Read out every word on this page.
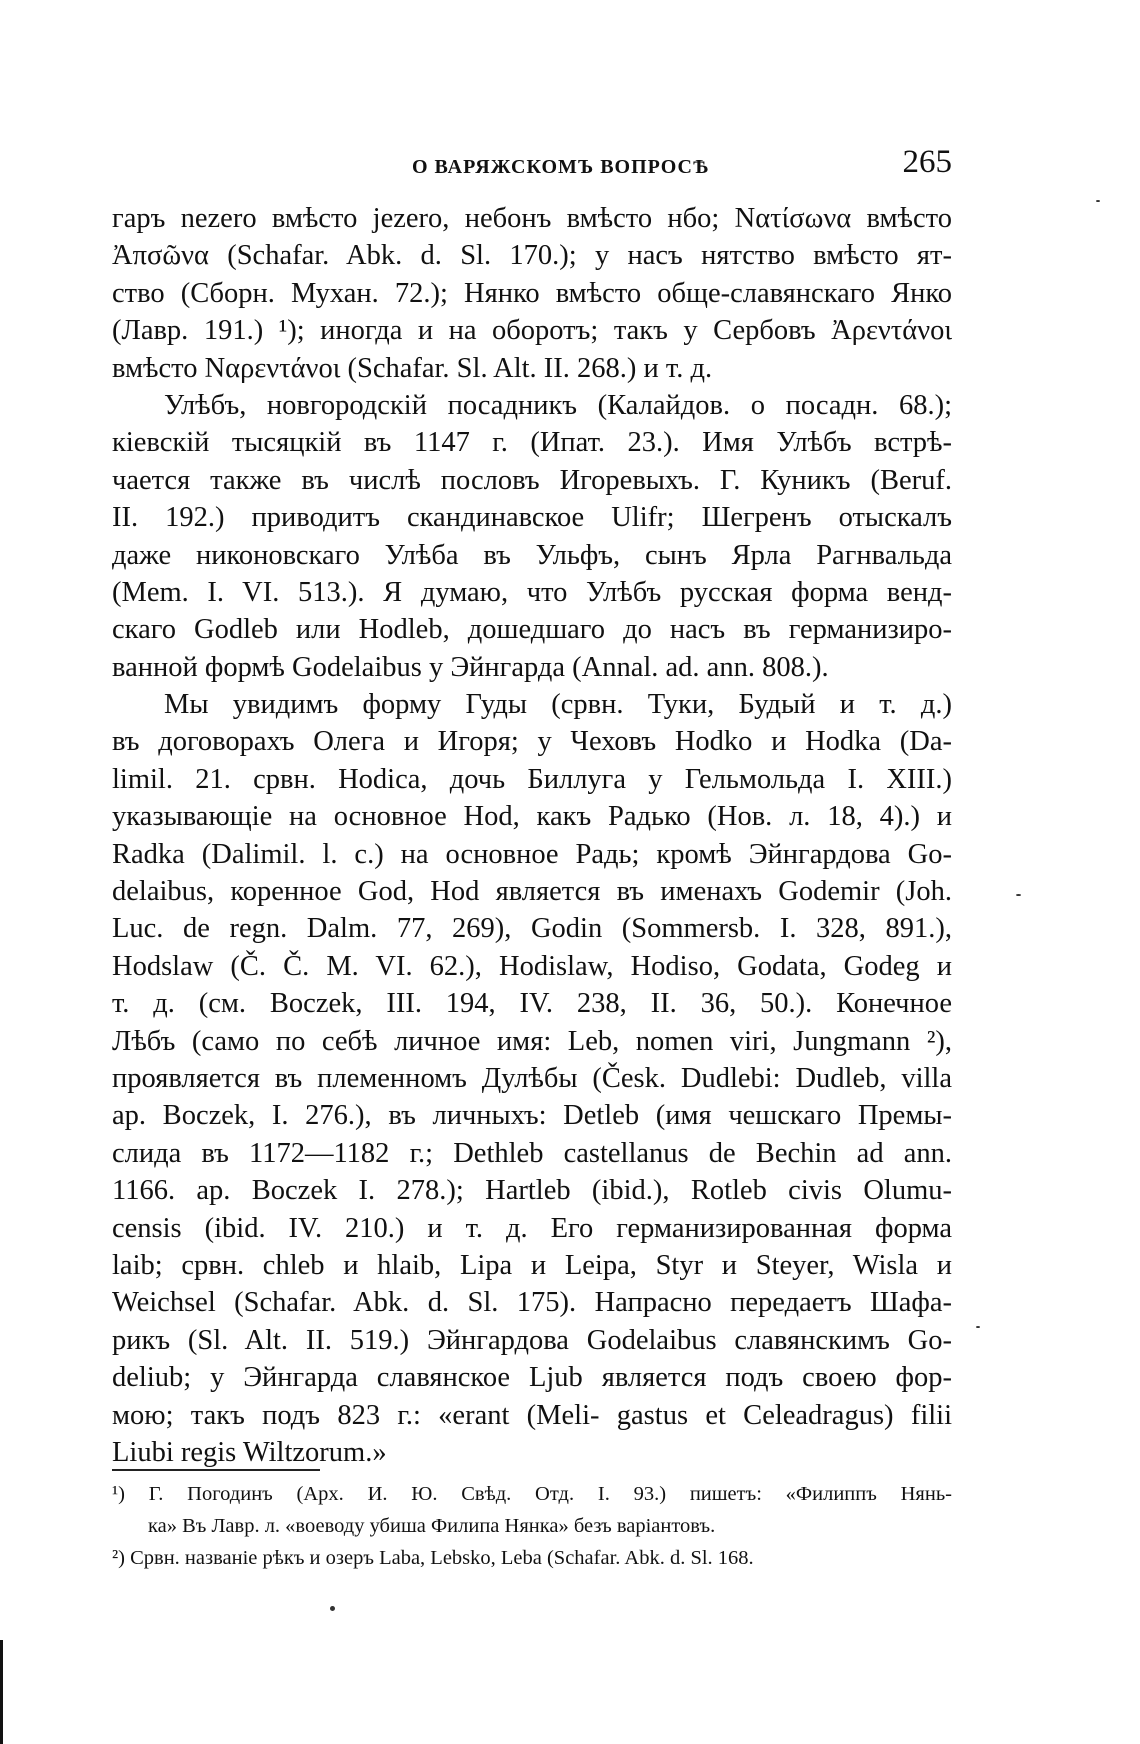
О ВАРЯЖСКОМЪ ВОПРОСѢ	265
гаръ nezero вмѣсто jezero, небонъ вмѣсто нбо; Νατίσωνα вмѣсто
Ἀπσῶνα (Schafar. Abk. d. Sl. 170.); у насъ нятство вмѣсто ят-
ство (Сборн. Мухан. 72.); Нянко вмѣсто обще-славянскаго Янко
(Лавр. 191.) ¹); иногда и на оборотъ; такъ у Сербовъ Ἀρεντάνοι
вмѣсто Ναρεντάνοι (Schafar. Sl. Alt. II. 268.) и т. д.
Улѣбъ, новгородскій посадникъ (Калайдов. о посадн. 68.);
кіевскій тысяцкій въ 1147 г. (Ипат. 23.). Имя Улѣбъ встрѣ-
чается также въ числѣ пословъ Игоревыхъ. Г. Куникъ (Beruf.
II. 192.) приводитъ скандинавское Ulifr; Шегренъ отыскалъ
даже никоновскаго Улѣба въ Ульфъ, сынъ Ярла Рагнвальда
(Mem. I. VI. 513.). Я думаю, что Улѣбъ русская форма венд-
скаго Godleb или Hodleb, дошедшаго до насъ въ германизиро-
ванной формѣ Godelaibus у Эйнгарда (Annal. ad. ann. 808.).
Мы увидимъ форму Гуды (срвн. Туки, Будый и т. д.)
въ договорахъ Олега и Игоря; у Чеховъ Hodko и Hodka (Da-
limil. 21. срвн. Hodica, дочь Биллуга у Гельмольда I. XIII.)
указывающіе на основное Hod, какъ Радько (Нов. л. 18, 4).) и
Radka (Dalimil. l. c.) на основное Радь; кромѣ Эйнгардова Go-
delaibus, коренное God, Hod является въ именахъ Godemir (Joh.
Luc. de regn. Dalm. 77, 269), Godin (Sommersb. I. 328, 891.),
Hodslaw (Č. Č. M. VI. 62.), Hodislaw, Hodiso, Godata, Godeg и
т. д. (см. Boczek, III. 194, IV. 238, II. 36, 50.). Конечное
Лѣбъ (само по себѣ личное имя: Leb, nomen viri, Jungmann ²),
проявляется въ племенномъ Дулѣбы (Česk. Dudlebi: Dudleb, villa
ap. Boczek, I. 276.), въ личныхъ: Detleb (имя чешскаго Премы-
слида въ 1172—1182 г.; Dethleb castellanus de Bechin ad ann.
1166. ap. Boczek I. 278.); Hartleb (ibid.), Rotleb civis Olumu-
censis (ibid. IV. 210.) и т. д. Его германизированная форма
laib; срвн. chleb и hlaib, Lipa и Leipa, Styr и Steyer, Wisla и
Weichsel (Schafar. Abk. d. Sl. 175). Напрасно передаетъ Шафа-
рикъ (Sl. Alt. II. 519.) Эйнгардова Godelaibus славянскимъ Go-
deliub; у Эйнгарда славянское Ljub является подъ своею фор-
мою; такъ подъ 823 г.: «erant (Meli- gastus et Celeadragus) filii
Liubi regis Wiltzorum.»
¹) Г. Погодинъ (Арх. И. Ю. Свѣд. Отд. I. 93.) пишетъ: «Филиппъ Нянь-
ка» Въ Лавр. л. «воеводу убиша Филипа Нянка» безъ варіантовъ.
²) Срвн. названіе рѣкъ и озеръ Laba, Lebsko, Leba (Schafar. Abk. d. Sl. 168.
